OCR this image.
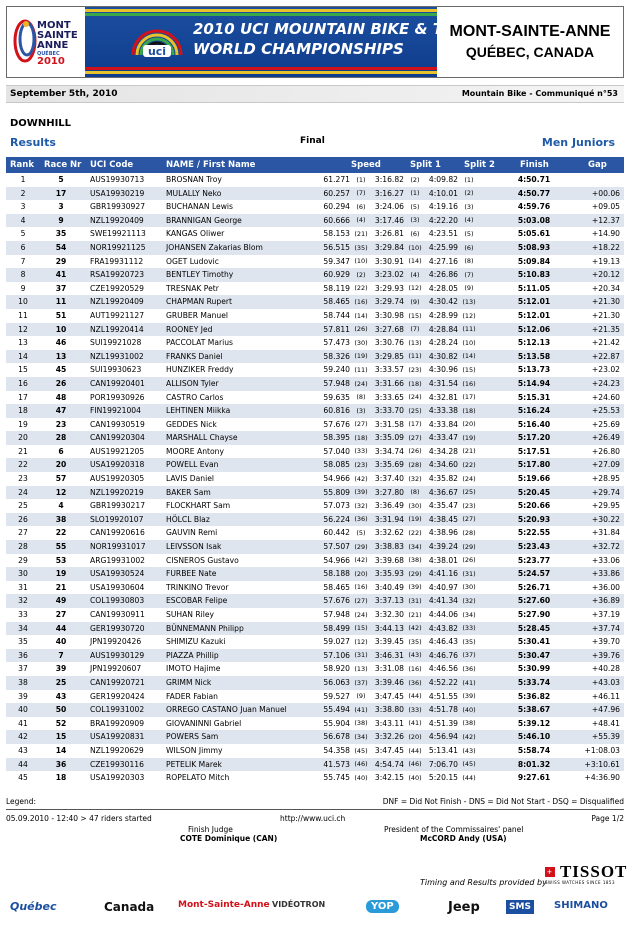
MONT
SAINTE
ANNE
QUÉBEC
2010
uci
2010 UCI MOUNTAIN BIKE & TRIALS
WORLD CHAMPIONSHIPS
MONT-SAINTE-ANNE
QUÉBEC, CANADA
September 5th, 2010	Mountain Bike - Communiqué n°53
DOWNHILL
Results	Final	Men Juniors
Rank Race Nr UCI Code	NAME / First Name	Speed	Split 1	Split 2	Finish	Gap
1	5	AUS19930713	BROSNAN Troy	61.271 (1)	3:16.82 (2)	4:09.82 (1)	4:50.71
2	17	USA19930219	MULALLY Neko	60.257 (7)	3:16.27 (1)	4:10.01 (2)	4:50.77	+00.06
3	3	GBR19930927	BUCHANAN Lewis	60.294 (6)	3:24.06 (5)	4:19.16 (3)	4:59.76	+09.05
4	9	NZL19920409	BRANNIGAN George	60.666 (4)	3:17.46 (3)	4:22.20 (4)	5:03.08	+12.37
5	35	SWE19921113	KANGAS Oliwer	58.153 (21) 3:26.81 (6)	4:23.51 (5)	5:05.61	+14.90
6	54	NOR19921125	JOHANSEN Zakarias Blom	56.515 (35) 3:29.84 (10) 4:25.99 (6)	5:08.93	+18.22
7	29	FRA19931112	OGET Ludovic	59.347 (10) 3:30.91 (14) 4:27.16 (8)	5:09.84	+19.13
8	41	RSA19920723	BENTLEY Timothy	60.929 (2)	3:23.02 (4)	4:26.86 (7)	5:10.83	+20.12
9	37	CZE19920529	TRESNAK Petr	58.119 (22) 3:29.93 (12) 4:28.05 (9)	5:11.05	+20.34
10	11	NZL19920409	CHAPMAN Rupert	58.465 (16) 3:29.74 (9)	4:30.42 (13)	5:12.01	+21.30
11	51	AUT19921127	GRUBER Manuel	58.744 (14) 3:30.98 (15) 4:28.99 (12)	5:12.01	+21.30
12	10	NZL19920414	ROONEY Jed	57.811 (26) 3:27.68 (7)	4:28.84 (11)	5:12.06	+21.35
13	46	SUI19921028	PACCOLAT Marius	57.473 (30) 3:30.76 (13) 4:28.24 (10)	5:12.13	+21.42
14	13	NZL19931002	FRANKS Daniel	58.326 (19) 3:29.85 (11) 4:30.82 (14)	5:13.58	+22.87
15	45	SUI19930623	HUNZIKER Freddy	59.240 (11) 3:33.57 (23) 4:30.96 (15)	5:13.73	+23.02
16	26	CAN19920401	ALLISON Tyler	57.948 (24) 3:31.66 (18) 4:31.54 (16)	5:14.94	+24.23
17	48	POR19930926	CASTRO Carlos	59.635 (8)	3:33.65 (24) 4:32.81 (17)	5:15.31	+24.60
18	47	FIN19921004	LEHTINEN Miikka	60.816 (3)	3:33.70 (25) 4:33.38 (18)	5:16.24	+25.53
19	23	CAN19930519	GEDDES Nick	57.676 (27) 3:31.58 (17) 4:33.84 (20)	5:16.40	+25.69
20	28	CAN19920304	MARSHALL Chayse	58.395 (18) 3:35.09 (27) 4:33.47 (19)	5:17.20	+26.49
21	6	AUS19921205	MOORE Antony	57.040 (33) 3:34.74 (26) 4:34.28 (21)	5:17.51	+26.80
22	20	USA19920318	POWELL Evan	58.085 (23) 3:35.69 (28) 4:34.60 (22)	5:17.80	+27.09
23	57	AUS19920305	LAVIS Daniel	54.966 (42) 3:37.40 (32) 4:35.82 (24)	5:19.66	+28.95
24	12	NZL19920219	BAKER Sam	55.809 (39) 3:27.80 (8)	4:36.67 (25)	5:20.45	+29.74
25	4	GBR19930217	FLOCKHART Sam	57.073 (32) 3:36.49 (30) 4:35.47 (23)	5:20.66	+29.95
26	38	SLO19920107	HÖLCL Blaz	56.224 (36) 3:31.94 (19) 4:38.45 (27)	5:20.93	+30.22
27	22	CAN19920616	GAUVIN Remi	60.442 (5)	3:32.62 (22) 4:38.96 (28)	5:22.55	+31.84
28	55	NOR19931017	LEIVSSON Isak	57.507 (29) 3:38.83 (34) 4:39.24 (29)	5:23.43	+32.72
29	53	ARG19931002	CISNEROS Gustavo	54.966 (42) 3:39.68 (38) 4:38.01 (26)	5:23.77	+33.06
30	19	USA19930524	FURBEE Nate	58.188 (20) 3:35.93 (29) 4:41.16 (31)	5:24.57	+33.86
31	21	USA19930604	TRINKINO Trevor	58.465 (16) 3:40.49 (39) 4:40.97 (30)	5:26.71	+36.00
32	49	COL19930803	ESCOBAR Felipe	57.676 (27) 3:37.13 (31) 4:41.34 (32)	5:27.60	+36.89
33	27	CAN19930911	SUHAN Riley	57.948 (24) 3:32.30 (21) 4:44.06 (34)	5:27.90	+37.19
34	44	GER19930720	BÜNNEMANN Philipp	58.499 (15) 3:44.13 (42) 4:43.82 (33)	5:28.45	+37.74
35	40	JPN19920426	SHIMIZU Kazuki	59.027 (12) 3:39.45 (35) 4:46.43 (35)	5:30.41	+39.70
36	7	AUS19930129	PIAZZA Phillip	57.106 (31) 3:46.31 (43) 4:46.76 (37)	5:30.47	+39.76
37	39	JPN19920607	IMOTO Hajime	58.920 (13) 3:31.08 (16) 4:46.56 (36)	5:30.99	+40.28
38	25	CAN19920721	GRIMM Nick	56.063 (37) 3:39.46 (36) 4:52.22 (41)	5:33.74	+43.03
39	43	GER19920424	FADER Fabian	59.527 (9)	3:47.45 (44) 4:51.55 (39)	5:36.82	+46.11
40	50	COL19931002	ORREGO CASTANO Juan Manuel	55.494 (41) 3:38.80 (33) 4:51.78 (40)	5:38.67	+47.96
41	52	BRA19920909	GIOVANINNI Gabriel	55.904 (38) 3:43.11 (41) 4:51.39 (38)	5:39.12	+48.41
42	15	USA19920831	POWERS Sam	56.678 (34) 3:32.26 (20) 4:56.94 (42)	5:46.10	+55.39
43	14	NZL19920629	WILSON Jimmy	54.358 (45) 3:47.45 (44) 5:13.41 (43)	5:58.74	+1:08.03
44	36	CZE19930116	PETELIK Marek	41.573 (46) 4:54.74 (46) 7:06.70 (45)	8:01.32	+3:10.61
45	18	USA19920303	ROPELATO Mitch	55.745 (40) 3:42.15 (40) 5:20.15 (44)	9:27.61	+4:36.90
Legend:	DNF = Did Not Finish - DNS = Did Not Start - DSQ = Disqualified
05.09.2010 - 12:40 > 47 riders started	http://www.uci.ch	Page 1/2
Finish Judge
COTE Dominique (CAN)
President of the Commissaires' panel
McCORD Andy (USA)
Timing and Results provided by
+ TISSOT
SWISS WATCHES SINCE 1853
Québec	Canada	Mont-Sainte-Anne VIDÉOTRON	YOP	Jeep	SMS	SHIMANO
